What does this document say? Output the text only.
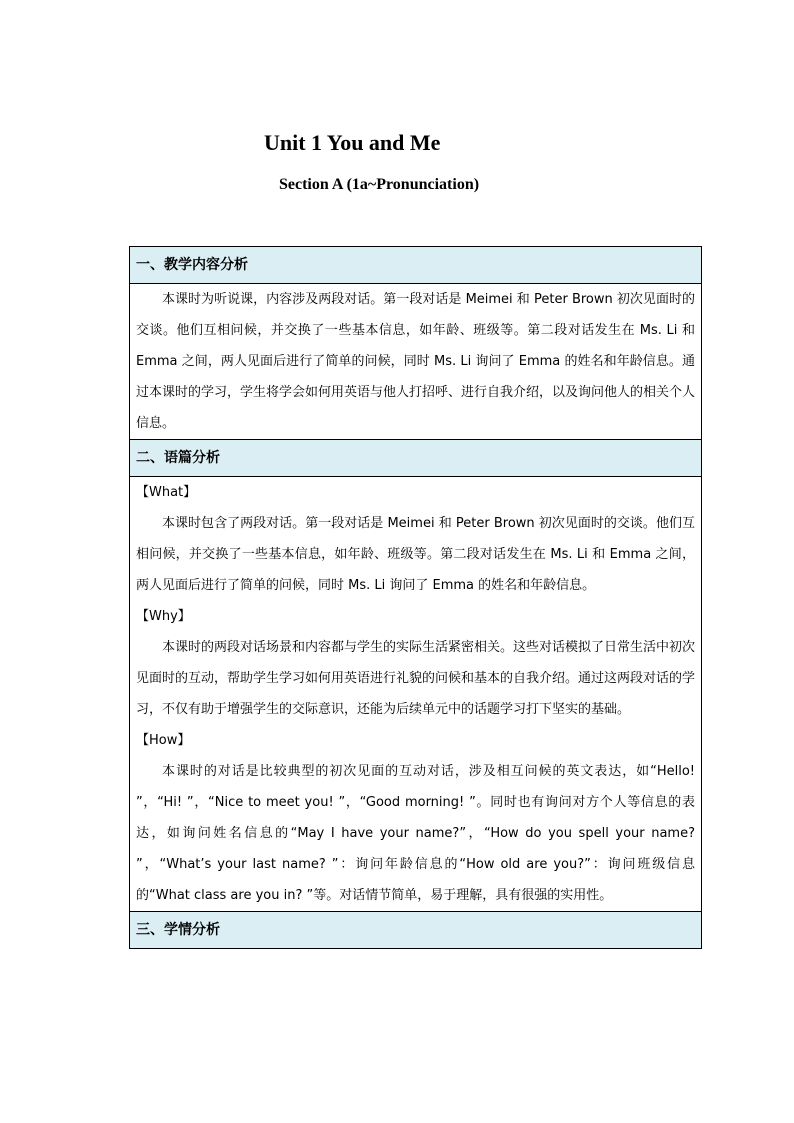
Unit 1 You and Me
Section A (1a~Pronunciation)
一、教学内容分析

本课时为听说课，内容涉及两段对话。第一段对话是 Meimei 和 Peter Brown 初次见面时的交谈。他们互相问候，并交换了一些基本信息，如年龄、班级等。第二段对话发生在 Ms. Li 和 Emma 之间，两人见面后进行了简单的问候，同时 Ms. Li 询问了 Emma 的姓名和年龄信息。通过本课时的学习，学生将学会如何用英语与他人打招呼、进行自我介绍，以及询问他人的相关个人信息。

二、语篇分析

【What】

本课时包含了两段对话。第一段对话是 Meimei 和 Peter Brown 初次见面时的交谈。他们互相问候，并交换了一些基本信息，如年龄、班级等。第二段对话发生在 Ms. Li 和 Emma 之间，两人见面后进行了简单的问候，同时 Ms. Li 询问了 Emma 的姓名和年龄信息。

【Why】

本课时的两段对话场景和内容都与学生的实际生活紧密相关。这些对话模拟了日常生活中初次见面时的互动，帮助学生学习如何用英语进行礼貌的问候和基本的自我介绍。通过这两段对话的学习，不仅有助于增强学生的交际意识，还能为后续单元中的话题学习打下坚实的基础。

【How】

本课时的对话是比较典型的初次见面的互动对话，涉及相互问候的英文表达，如“Hello! ”，“Hi! ”，“Nice to meet you! ”，“Good morning! ”。同时也有询问对方个人等信息的表达，如询问姓名信息的“May I have your name?”，“How do you spell your name? ”，“What’s your last name? ”：询问年龄信息的“How old are you?”：询问班级信息的“What class are you in? ”等。对话情节简单，易于理解，具有很强的实用性。

三、学情分析
